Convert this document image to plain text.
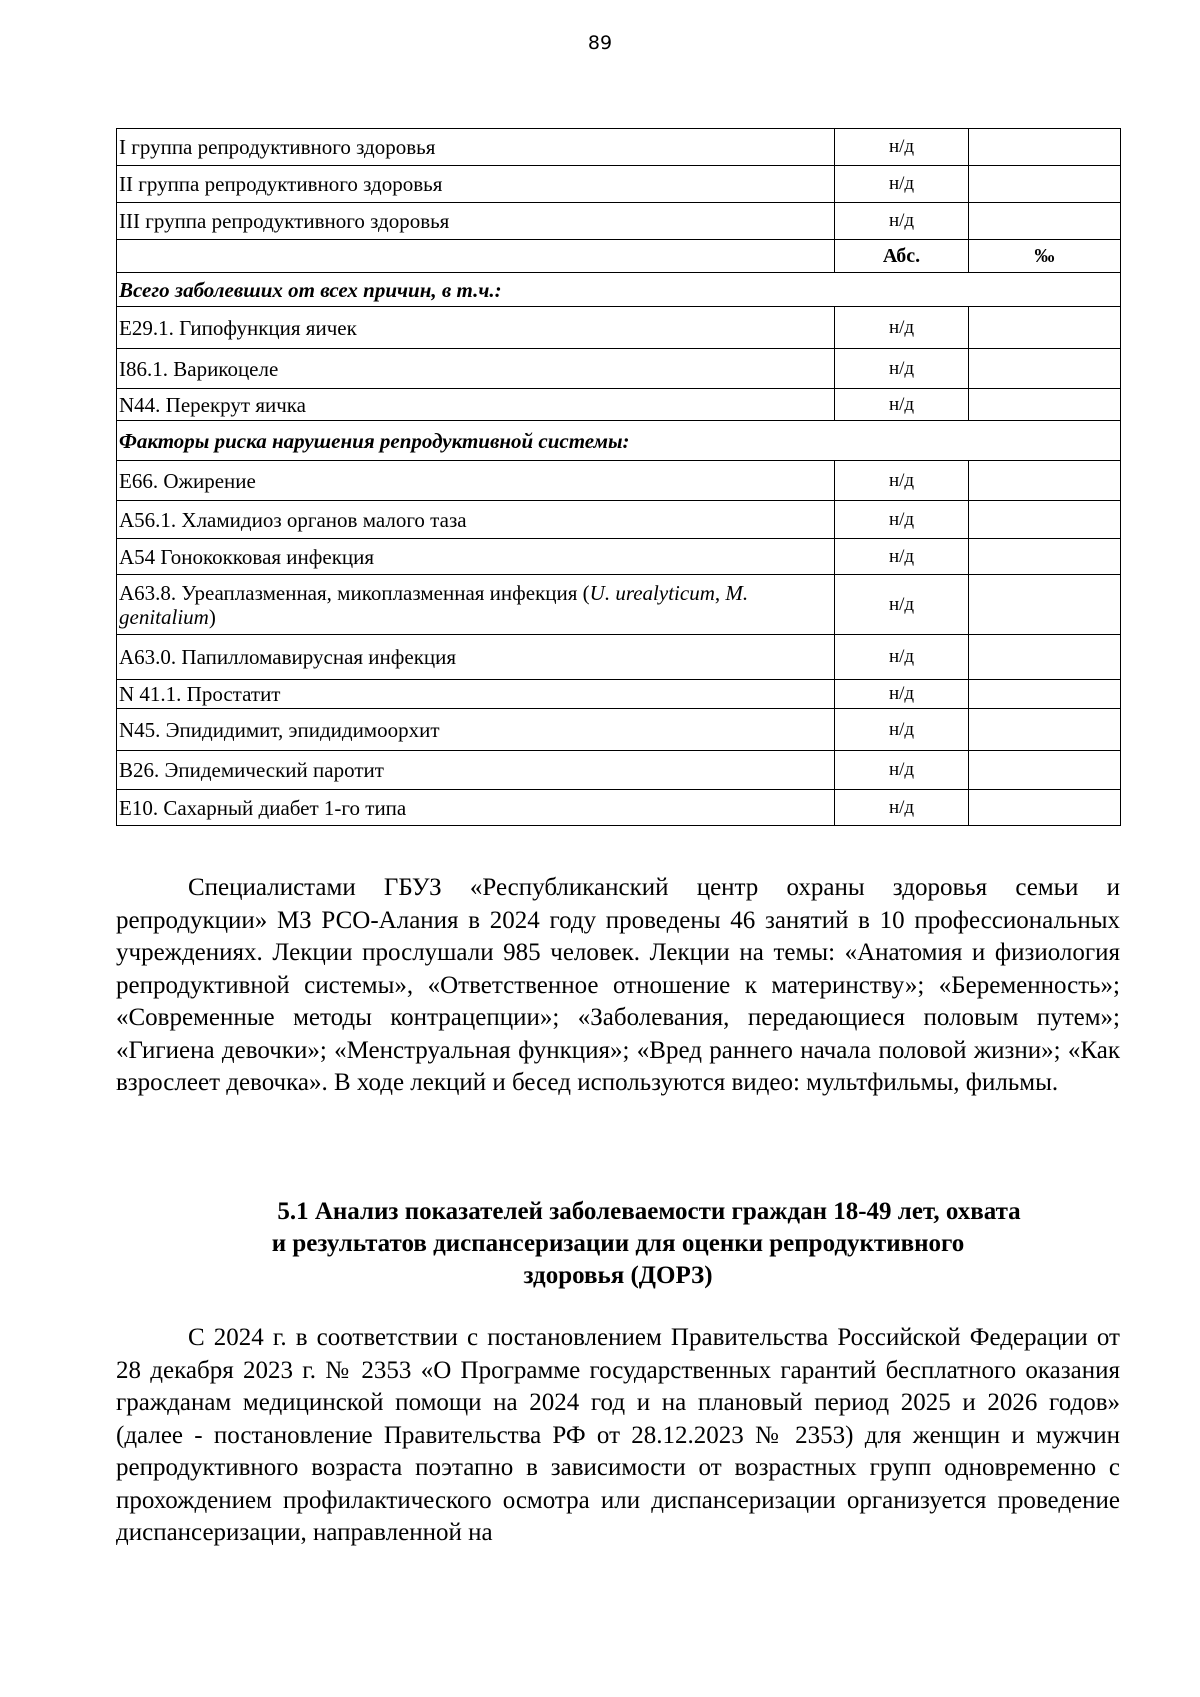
89
I группа репродуктивного здоровья	н/д	
II группа репродуктивного здоровья	н/д	
III группа репродуктивного здоровья	н/д	
	Абс.	‰
Всего заболевших от всех причин, в т.ч.:		
Е29.1. Гипофункция яичек	н/д	
I86.1. Варикоцеле	н/д	
N44. Перекрут яичка	н/д	
Факторы риска нарушения репродуктивной системы:		
Е66. Ожирение	н/д	
А56.1. Хламидиоз органов малого таза	н/д	
А54 Гонококковая инфекция	н/д	
А63.8. Уреаплазменная, микоплазменная инфекция (U. urealyticum, M. genitalium)	н/д	
А63.0. Папилломавирусная инфекция	н/д	
N 41.1. Простатит	н/д	
N45. Эпидидимит, эпидидимоорхит	н/д	
В26. Эпидемический паротит	н/д	
Е10. Сахарный диабет 1-го типа	н/д	

Специалистами ГБУЗ «Республиканский центр охраны здоровья семьи и репродукции» МЗ РСО-Алания в 2024 году проведены 46 занятий в 10 профессиональных учреждениях. Лекции прослушали 985 человек. Лекции на темы: «Анатомия и физиология репродуктивной системы», «Ответственное отношение к материнству»; «Беременность»; «Современные методы контрацепции»; «Заболевания, передающиеся половым путем»; «Гигиена девочки»; «Менструальная функция»; «Вред раннего начала половой жизни»; «Как взрослеет девочка». В ходе лекций и бесед используются видео: мультфильмы, фильмы.

5.1 Анализ показателей заболеваемости граждан 18-49 лет, охвата
и результатов диспансеризации для оценки репродуктивного
здоровья (ДОРЗ)

С 2024 г. в соответствии с постановлением Правительства Российской Федерации от 28 декабря 2023 г. № 2353 «О Программе государственных гарантий бесплатного оказания гражданам медицинской помощи на 2024 год и на плановый период 2025 и 2026 годов» (далее - постановление Правительства РФ от 28.12.2023 № 2353) для женщин и мужчин репродуктивного возраста поэтапно в зависимости от возрастных групп одновременно с прохождением профилактического осмотра или диспансеризации организуется проведение диспансеризации, направленной на
